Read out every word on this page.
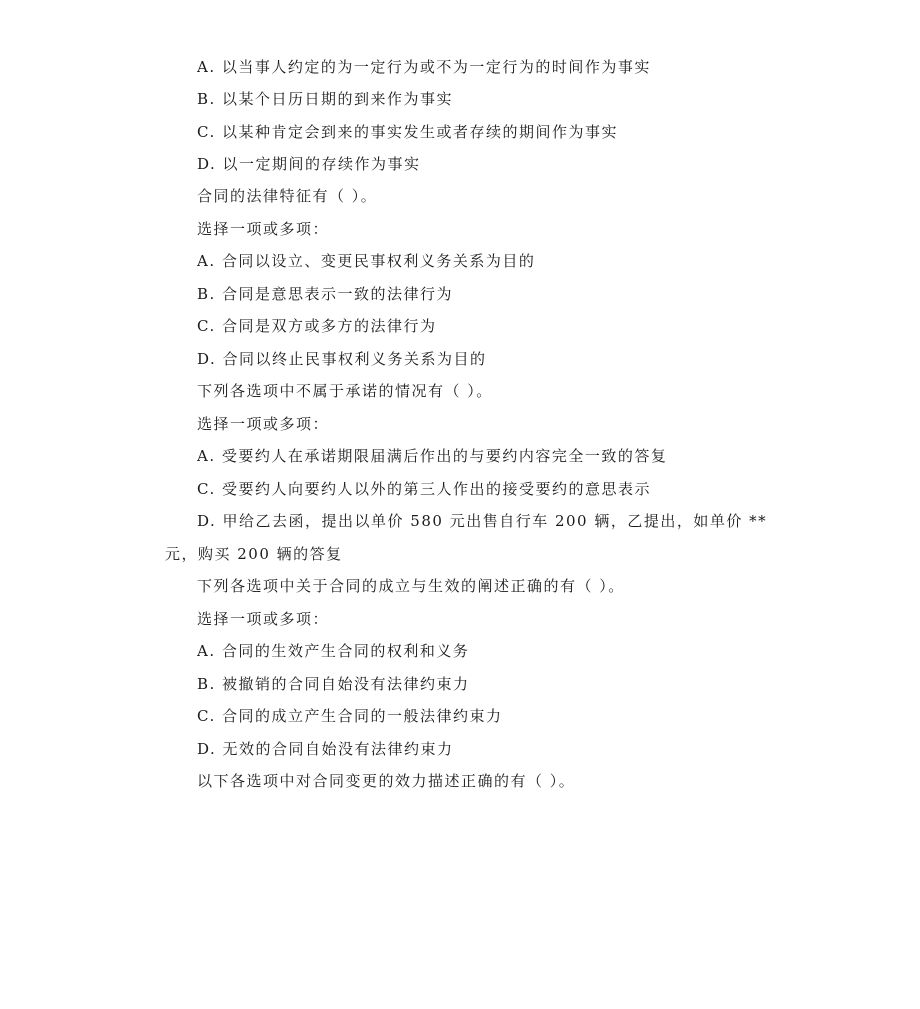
A. 以当事人约定的为一定行为或不为一定行为的时间作为事实
B. 以某个日历日期的到来作为事实
C. 以某种肯定会到来的事实发生或者存续的期间作为事实
D. 以一定期间的存续作为事实
合同的法律特征有（ ）。
选择一项或多项：
A. 合同以设立、变更民事权利义务关系为目的
B. 合同是意思表示一致的法律行为
C. 合同是双方或多方的法律行为
D. 合同以终止民事权利义务关系为目的
下列各选项中不属于承诺的情况有（ ）。
选择一项或多项：
A. 受要约人在承诺期限届满后作出的与要约内容完全一致的答复
C. 受要约人向要约人以外的第三人作出的接受要约的意思表示
D. 甲给乙去函，提出以单价 580 元出售自行车 200 辆，乙提出，如单价 **
元，购买 200 辆的答复
下列各选项中关于合同的成立与生效的阐述正确的有（ ）。
选择一项或多项：
A. 合同的生效产生合同的权利和义务
B. 被撤销的合同自始没有法律约束力
C. 合同的成立产生合同的一般法律约束力
D. 无效的合同自始没有法律约束力
以下各选项中对合同变更的效力描述正确的有（ ）。
